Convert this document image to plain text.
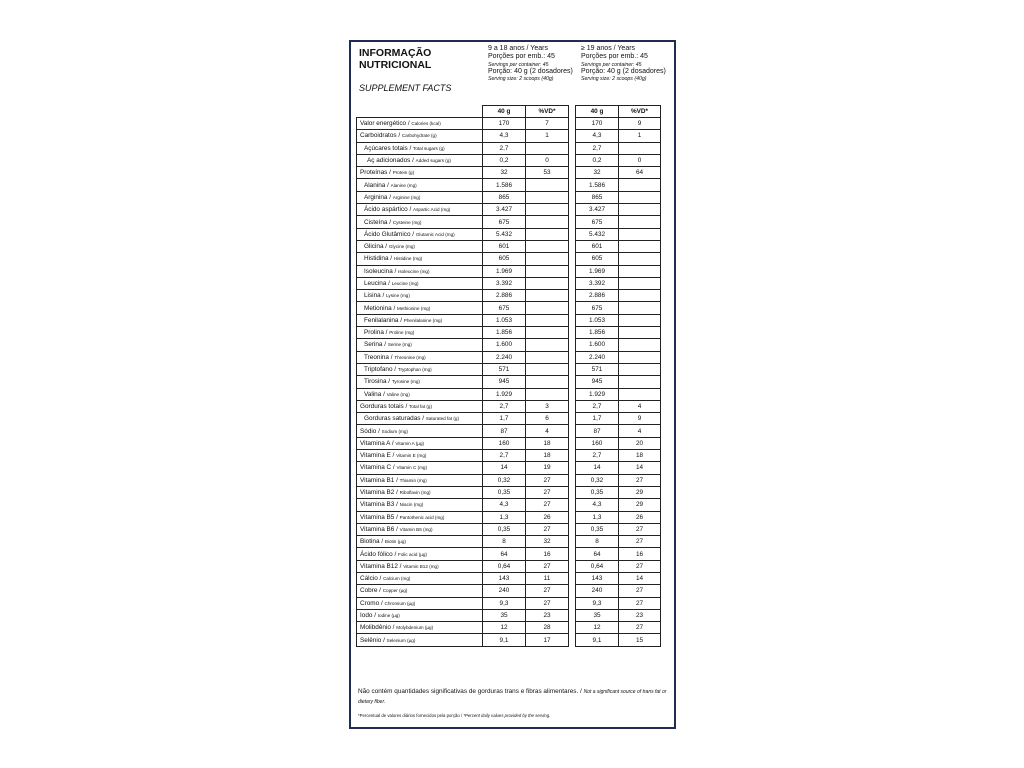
INFORMAÇÃO NUTRICIONAL
SUPPLEMENT FACTS
9 a 18 anos / Years
Porções por emb.: 45
Servings per container: 45
Porção: 40 g (2 dosadores)
Serving size: 2 scoops (40g)
≥ 19 anos / Years
Porções por emb.: 45
Servings per container: 45
Porção: 40 g (2 dosadores)
Serving size: 2 scoops (40g)
	40 g	%VD*		40 g	%VD*
Valor energético / Calories (kcal)	170	7		170	9
Carboidratos / Carbohydrate (g)	4,3	1		4,3	1
Açúcares totais / Total sugars (g)	2,7			2,7	
Aç adicionados / Added sugars (g)	0,2	0		0,2	0
Proteínas / Protein (g)	32	53		32	64
Alanina / Alanine (mg)	1.586			1.586	
Arginina / Arginine (mg)	865			865	
Ácido aspártico / Aspartic Acid (mg)	3.427			3.427	
Cisteína / Cysteine (mg)	675			675	
Ácido Glutâmico / Glutamic Acid (mg)	5.432			5.432	
Glicina / Glycine (mg)	601			601	
Histidina / Histidine (mg)	605			605	
Isoleucina / Isoleucine (mg)	1.969			1.969	
Leucina / Leucine (mg)	3.392			3.392	
Lisina / Lysine (mg)	2.886			2.886	
Metionina / Methionine (mg)	675			675	
Fenilalanina / Phenilalanine (mg)	1.053			1.053	
Prolina / Proline (mg)	1.856			1.856	
Serina / Serine (mg)	1.600			1.600	
Treonina / Threonine (mg)	2.240			2.240	
Triptofano / Tryptophan (mg)	571			571	
Tirosina / Tyrosine (mg)	945			945	
Valina / Valine (mg)	1.929			1.929	
Gorduras totais / Total fat (g)	2,7	3		2,7	4
Gorduras saturadas / Saturated fat (g)	1,7	6		1,7	9
Sódio / Sodium (mg)	87	4		87	4
Vitamina A / Vitamin A (µg)	160	18		160	20
Vitamina E / Vitamin E (mg)	2,7	18		2,7	18
Vitamina C / Vitamin C (mg)	14	19		14	14
Vitamina B1 / Thiamin (mg)	0,32	27		0,32	27
Vitamina B2 / Riboflavin (mg)	0,35	27		0,35	29
Vitamina B3 / Niacin (mg)	4,3	27		4,3	29
Vitamina B5 / Pantothenic acid (mg)	1,3	26		1,3	26
Vitamina B6 / Vitamin B6 (mg)	0,35	27		0,35	27
Biotina / Biotin (µg)	8	32		8	27
Ácido fólico / Folic acid (µg)	64	16		64	16
Vitamina B12 / Vitamin B12 (mg)	0,64	27		0,64	27
Cálcio / Calcium (mg)	143	11		143	14
Cobre / Copper (µg)	240	27		240	27
Cromo / Chromium (µg)	9,3	27		9,3	27
Iodo / Iodine (µg)	35	23		35	23
Molibdênio / Molybdenium (µg)	12	28		12	27
Selênio / Selenium (µg)	9,1	17		9,1	15
Não contém quantidades significativas de gorduras trans e fibras alimentares. / Not a significant source of trans fat or dietary fiber.
*Percentual de valores diários fornecidos pela porção / *Percent daily values provided by the serving.
